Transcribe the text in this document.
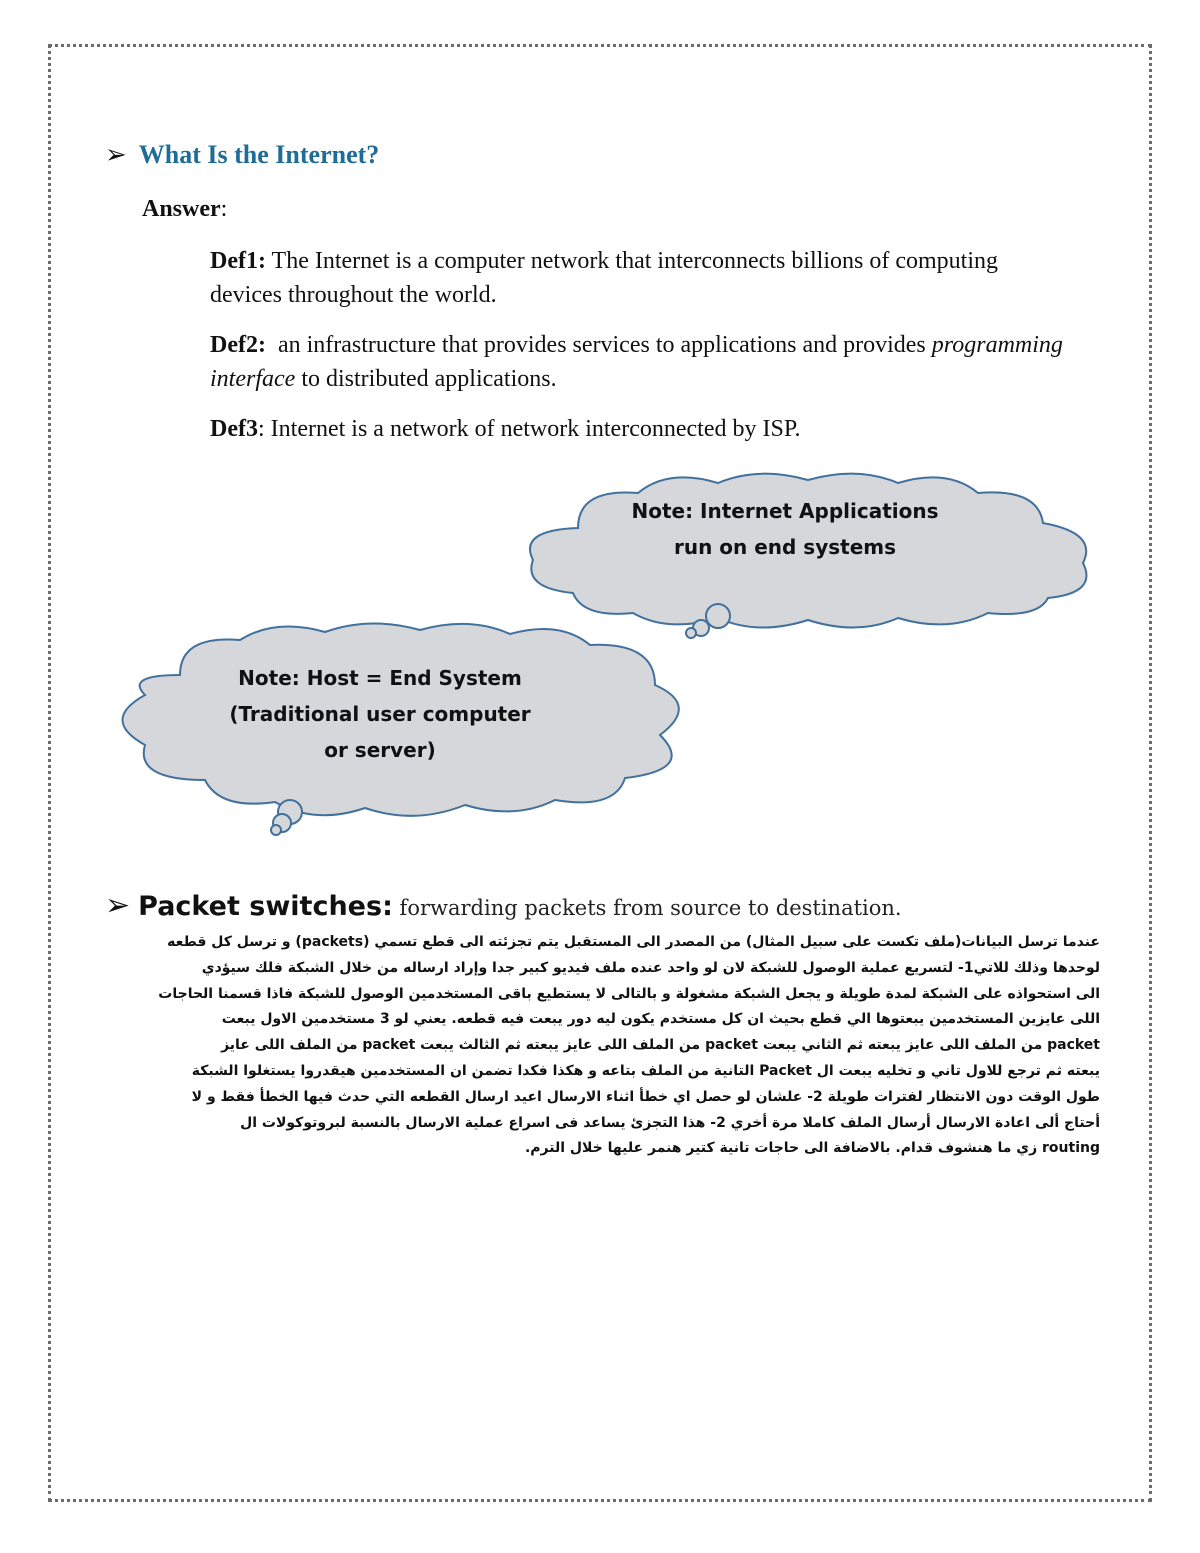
➢ What Is the Internet?
Answer:
Def1: The Internet is a computer network that interconnects billions of computing devices throughout the world.
Def2:  an infrastructure that provides services to applications and provides programming interface to distributed applications.
Def3: Internet is a network of network interconnected by ISP.
Note: Internet Applications
run on end systems
Note: Host = End System
(Traditional user computer
or server)
➢ Packet switches: forwarding packets from source to destination.

عندما ترسل البيانات(ملف تكست على سبيل المثال) من المصدر الى المستقبل يتم تجزئته الى قطع تسمي (packets) و ترسل كل قطعه

لوحدها وذلك للاتي1- لتسريع عملية الوصول للشبكة لان لو واحد عنده ملف فيديو كبير جدا وإراد ارساله من خلال الشبكة فلك سيؤدي

الى استحواذه على الشبكة لمدة طويلة و يجعل الشبكة مشغولة و بالتالى لا يستطيع باقى المستخدمين الوصول للشبكة فاذا قسمنا الحاجات

اللى عايزين المستخدمين يبعتوها الي قطع بحيث ان كل مستخدم يكون ليه دور يبعت فيه قطعه. يعني لو 3 مستخدمين الاول يبعت

packet من الملف اللى عايز يبعته ثم الثاني يبعت packet من الملف اللى عايز يبعته ثم الثالث يبعت packet من الملف اللى عايز

يبعته ثم ترجع للاول تاني و تخليه يبعت ال Packet التانية من الملف بتاعه و هكذا فكدا تضمن ان المستخدمين هيقدروا يستغلوا الشبكة

طول الوقت دون الانتظار لفترات طويلة 2- علشان لو حصل اي خطأ اثناء الارسال اعيد ارسال القطعه التي حدث فيها الخطأ فقط و لا

أحتاج ألى اعادة الارسال أرسال الملف كاملا مرة أخري 2- هذا التجزئ يساعد فى اسراع عملية الارسال بالنسبة لبروتوكولات ال

routing زي ما هنشوف قدام. بالاضافة الى حاجات تانية كتير هنمر عليها خلال الترم.
